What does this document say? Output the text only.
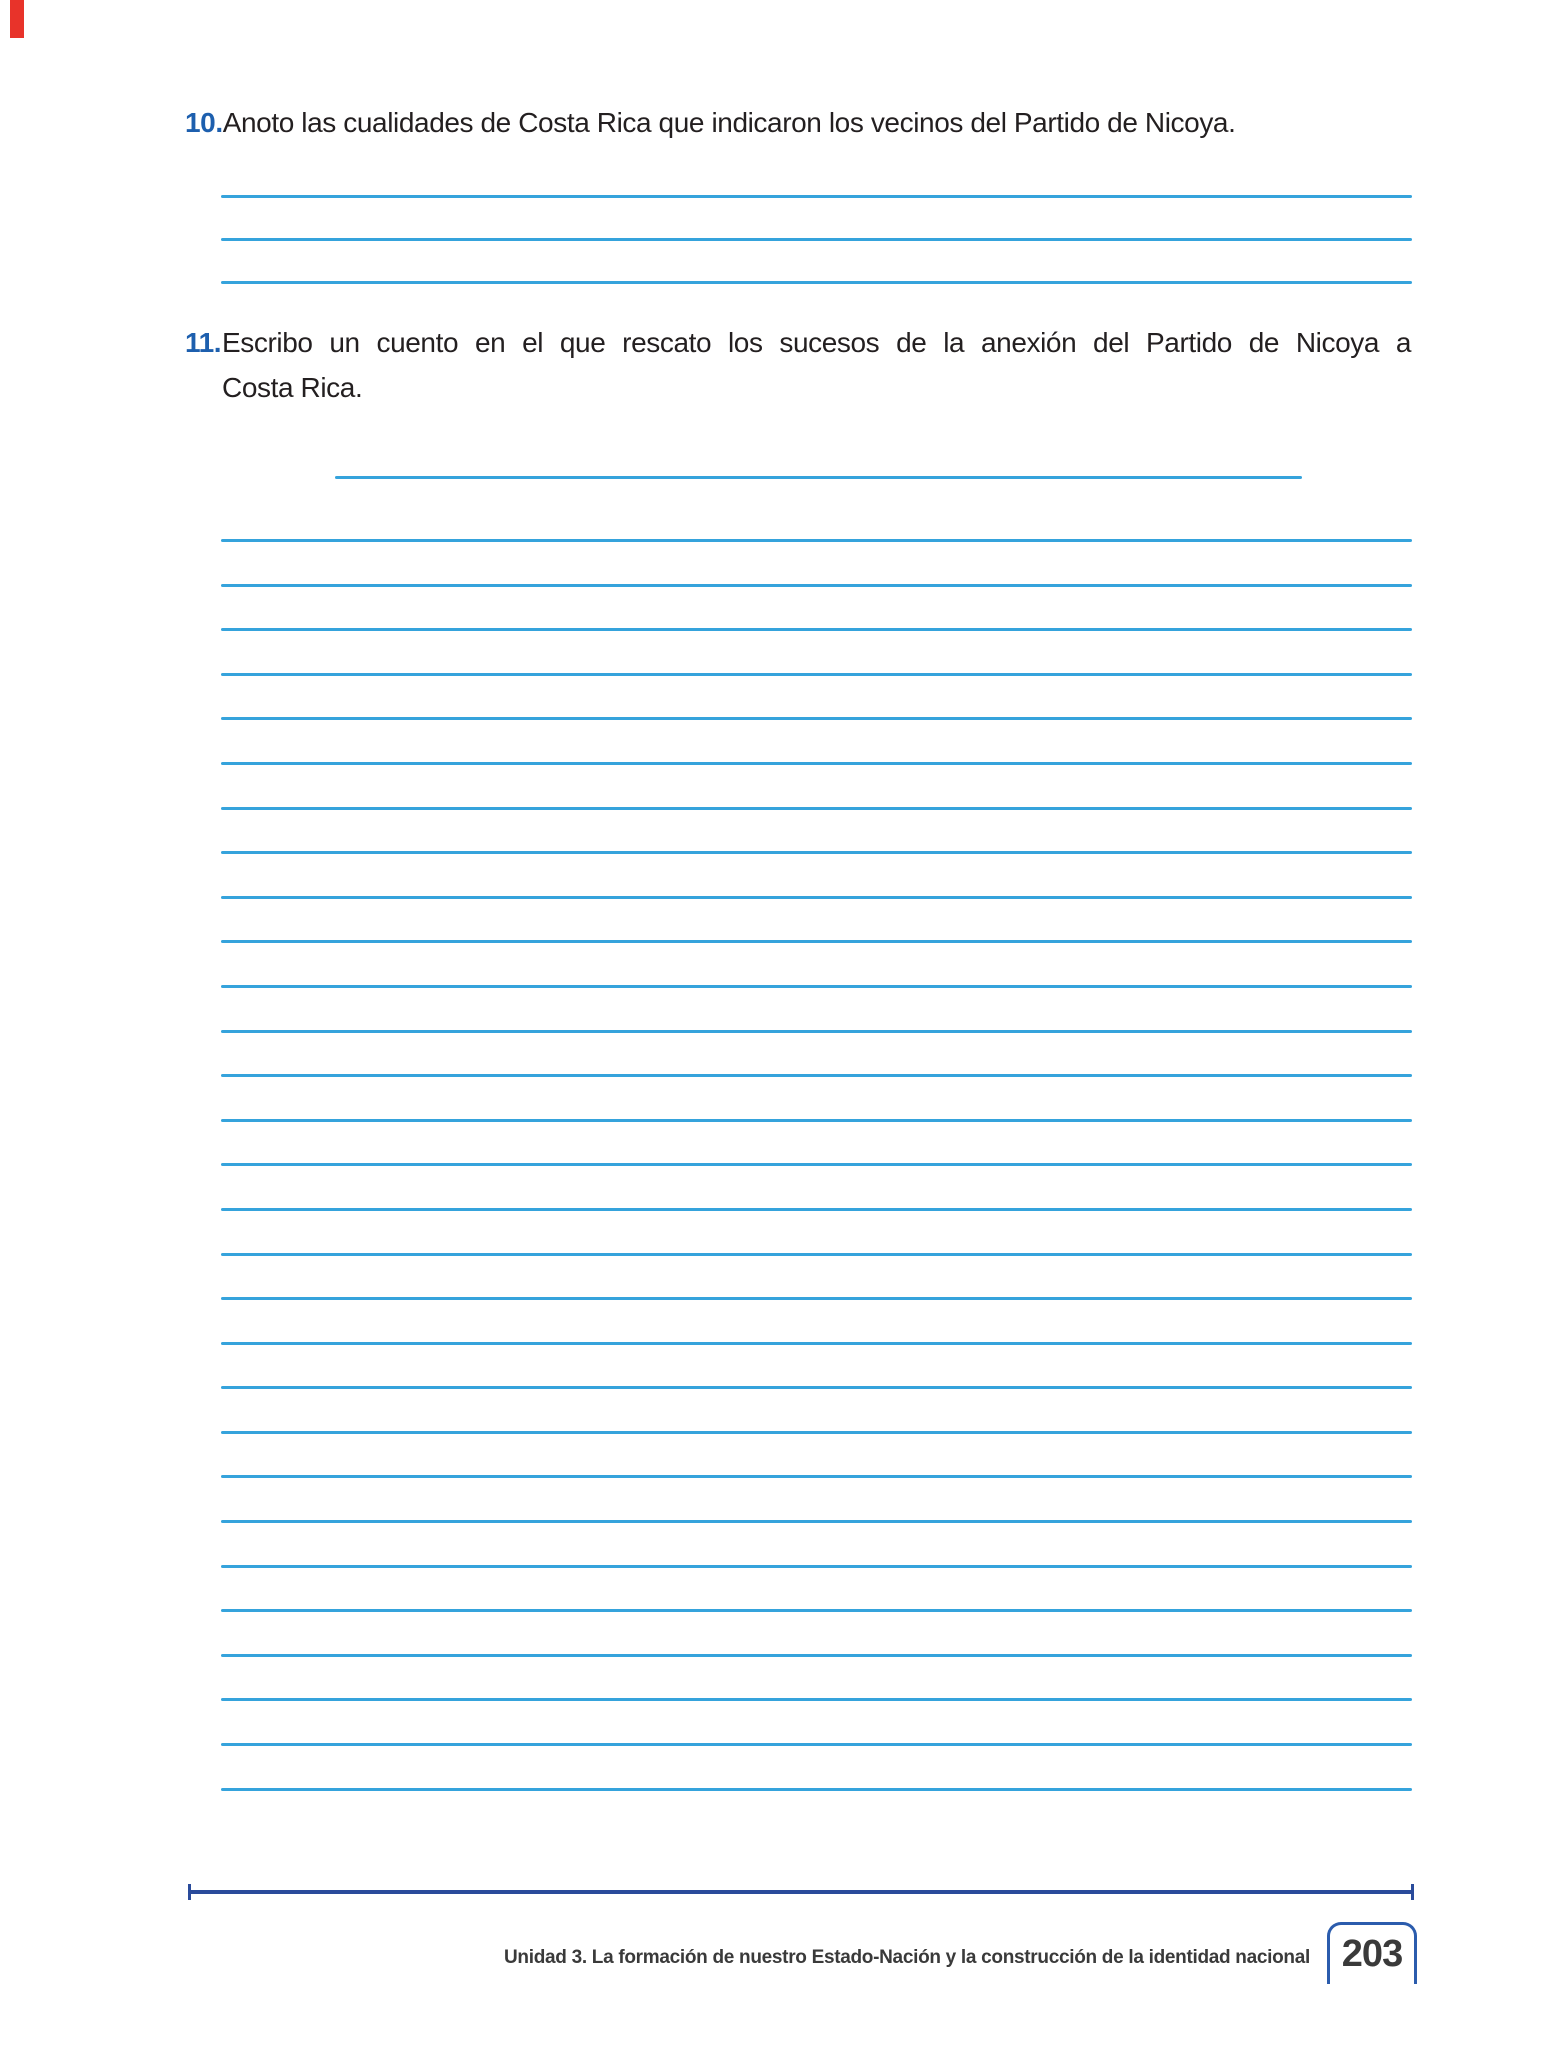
10. Anoto las cualidades de Costa Rica que indicaron los vecinos del Partido de Nicoya.
11. Escribo un cuento en el que rescato los sucesos de la anexión del Partido de Nicoya a
Costa Rica.
Unidad 3. La formación de nuestro Estado-Nación y la construcción de la identidad nacional 203
